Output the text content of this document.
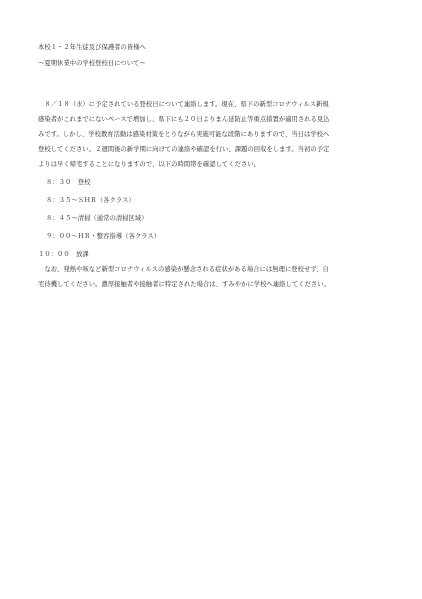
本校１・２年生徒及び保護者の皆様へ
～夏期休業中の学校登校日について～
　８／１８（水）に予定されている登校日について連絡します。現在、県下の新型コロナウィルス新規
感染者がこれまでにないペースで増加し、県下にも２０日よりまん延防止等重点措置が適用される見込
みです。しかし、学校教育活動は感染対策をとりながら実施可能な段階にありますので、当日は学校へ
登校してください。２週間後の新学期に向けての連絡や確認を行い、課題の回収をします。当初の予定
よりは早く帰宅することになりますので、以下の時間帯を確認してください。
８：３０　登校
８：３５～ＳＨＲ（各クラス）
８：４５～清掃（通常の清掃区域）
９：００～ＨＲ・整容指導（各クラス）
１０：００　放課
　なお、発熱や咳など新型コロナウィルスの感染が懸念される症状がある場合には無理に登校せず、自
宅待機してください。濃厚接触者や接触者に特定された場合は、すみやかに学校へ連絡してください。
